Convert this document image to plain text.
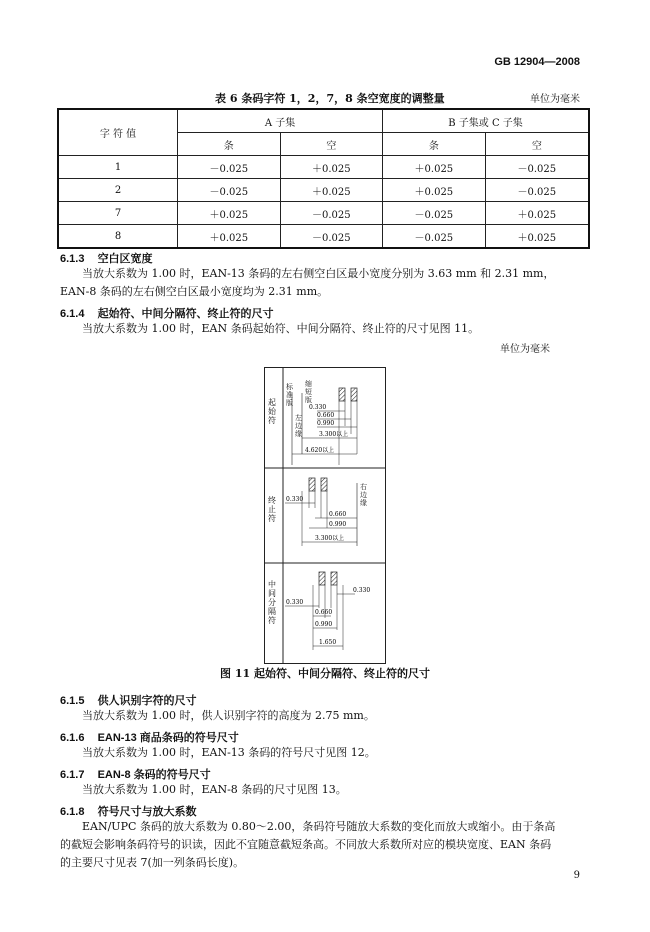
GB 12904—2008
表 6 条码字符 1，2，7，8 条空宽度的调整量	单位为毫米
字 符 值	A 子集		B 子集或 C 子集	
	条	空	条	空
1	－0.025	＋0.025	＋0.025	－0.025
2	－0.025	＋0.025	＋0.025	－0.025
7	＋0.025	－0.025	－0.025	＋0.025
8	＋0.025	－0.025	－0.025	＋0.025
6.1.3 空白区宽度
当放大系数为 1.00 时，EAN-13 条码的左右侧空白区最小宽度分别为 3.63 mm 和 2.31 mm，
EAN-8 条码的左右侧空白区最小宽度均为 2.31 mm。
6.1.4 起始符、中间分隔符、终止符的尺寸
当放大系数为 1.00 时，EAN 条码起始符、中间分隔符、终止符的尺寸见图 11。
单位为毫米
0.330
0.660
0.990
3.300以上
4.620以上
0.330
0.660
0.990
3.300以上
0.330
0.330
0.660
0.990
1.650
起始符
终止符
中间分隔符
标准版
缩短版
左边缘
右边缘
图 11 起始符、中间分隔符、终止符的尺寸
6.1.5 供人识别字符的尺寸
当放大系数为 1.00 时，供人识别字符的高度为 2.75 mm。
6.1.6 EAN-13 商品条码的符号尺寸
当放大系数为 1.00 时，EAN-13 条码的符号尺寸见图 12。
6.1.7 EAN-8 条码的符号尺寸
当放大系数为 1.00 时，EAN-8 条码的尺寸见图 13。
6.1.8 符号尺寸与放大系数
EAN/UPC 条码的放大系数为 0.80～2.00，条码符号随放大系数的变化而放大或缩小。由于条高
的截短会影响条码符号的识读，因此不宜随意截短条高。不同放大系数所对应的模块宽度、EAN 条码
的主要尺寸见表 7(加一列条码长度)。
9
